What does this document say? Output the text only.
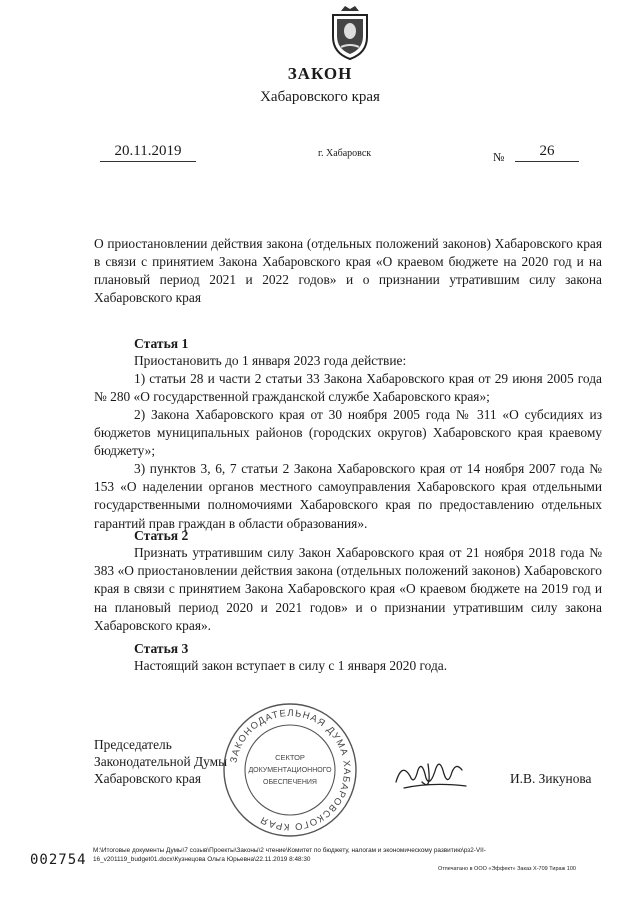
ЗАКОН
Хабаровского края
20.11.2019	г. Хабаровск	№	26
О приостановлении действия закона (отдельных положений законов) Хабаровского края в связи с принятием Закона Хабаровского края «О краевом бюджете на 2020 год и на плановый период 2021 и 2022 годов» и о признании утратившим силу закона Хабаровского края
Статья 1

Приостановить до 1 января 2023 года действие:

1) статьи 28 и части 2 статьи 33 Закона Хабаровского края от 29 июня 2005 года № 280 «О государственной гражданской службе Хабаровского края»;

2) Закона Хабаровского края от 30 ноября 2005 года № 311 «О субсидиях из бюджетов муниципальных районов (городских округов) Хабаровского края краевому бюджету»;

3) пунктов 3, 6, 7 статьи 2 Закона Хабаровского края от 14 ноября 2007 года № 153 «О наделении органов местного самоуправления Хабаровского края отдельными государственными полномочиями Хабаровского края по предоставлению отдельных гарантий прав граждан в области образования».

Статья 2

Признать утратившим силу Закон Хабаровского края от 21 ноября 2018 года № 383 «О приостановлении действия закона (отдельных положений законов) Хабаровского края в связи с принятием Закона Хабаровского края «О краевом бюджете на 2019 год и на плановый период 2020 и 2021 годов» и о признании утратившим силу закона Хабаровского края».

Статья 3

Настоящий закон вступает в силу с 1 января 2020 года.

Председатель
Законодательной Думы
Хабаровского края
ЗАКОНОДАТЕЛЬНАЯ ДУМА ХАБАРОВСКОГО КРАЯ
СЕКТОР
ДОКУМЕНТАЦИОННОГО
ОБЕСПЕЧЕНИЯ	И.В. Зикунова
002754
М:\Итоговые документы Думы\7 созыв\Проекты\Законы\2 чтение\Комитет по бюджету, налогам и экономическому развитию\рз2-VII-
16_v201119_budget01.docx\Кузнецова Ольга Юрьевна\22.11.2019 8:48:30
Отпечатано в ООО «Эффект» Заказ Х-709 Тираж 100
